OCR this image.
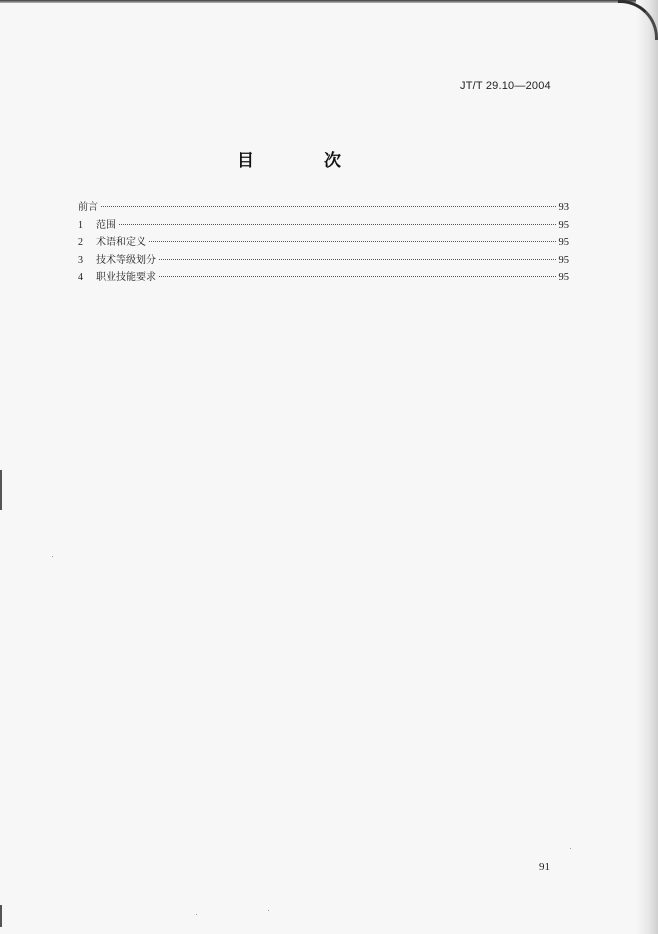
JT/T 29.10—2004
目 次
前言	93
1	范围	95
2	术语和定义	95
3	技术等级划分	95
4	职业技能要求	95
91
